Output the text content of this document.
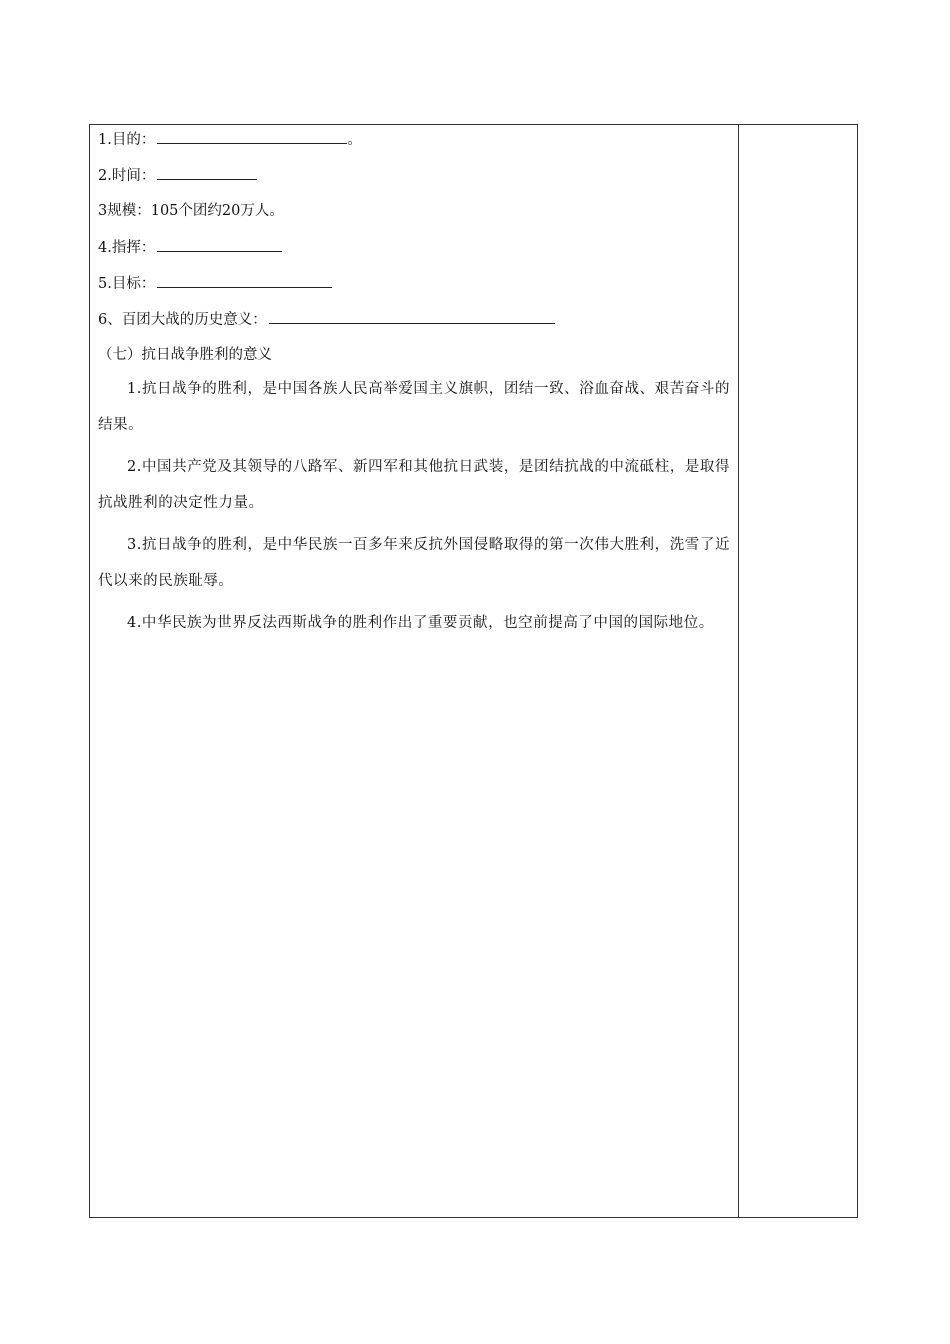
1.目的：	。
2.时间：
3规模：105个团约20万人。
4.指挥：
5.目标：
6、百团大战的历史意义：
（七）抗日战争胜利的意义
1.抗日战争的胜利，是中国各族人民高举爱国主义旗帜，团结一致、浴血奋战、艰苦奋斗的结果。
2.中国共产党及其领导的八路军、新四军和其他抗日武装，是团结抗战的中流砥柱，是取得抗战胜利的决定性力量。
3.抗日战争的胜利，是中华民族一百多年来反抗外国侵略取得的第一次伟大胜利，洗雪了近代以来的民族耻辱。
4.中华民族为世界反法西斯战争的胜利作出了重要贡献，也空前提高了中国的国际地位。
